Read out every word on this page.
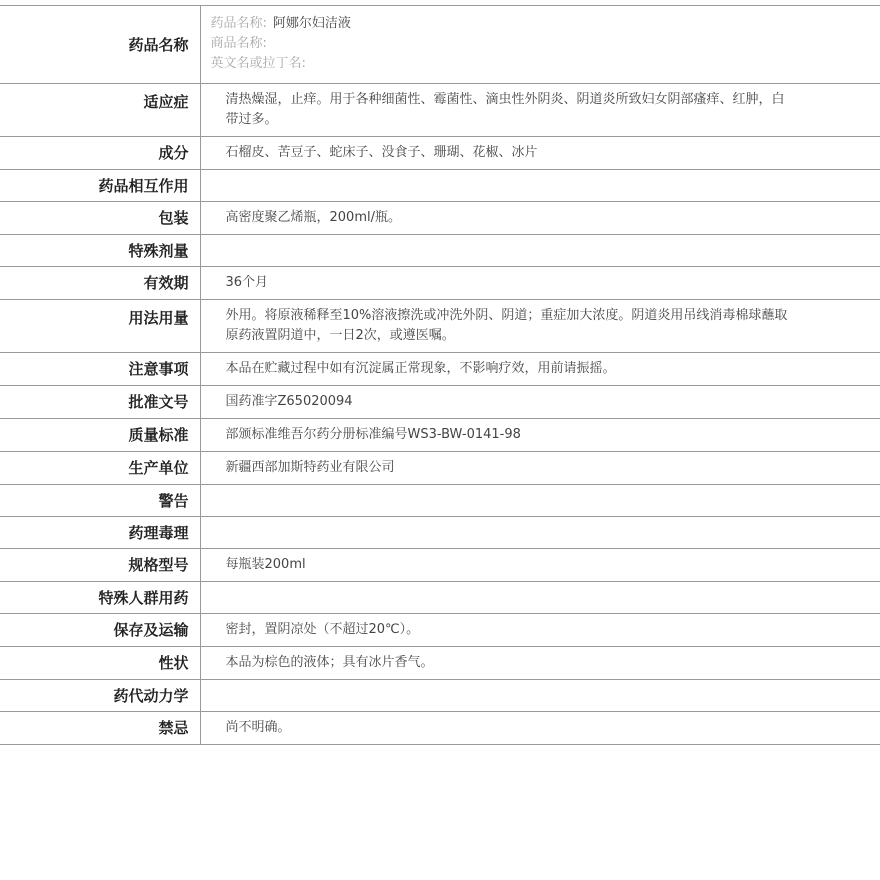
药品名称	药品名称: 阿娜尔妇洁液
商品名称:
英文名或拉丁名:

适应症	清热燥湿，止痒。用于各种细菌性、霉菌性、滴虫性外阴炎、阴道炎所致妇女阴部瘙痒、红肿，白带过多。
成分	石榴皮、苦豆子、蛇床子、没食子、珊瑚、花椒、冰片
药品相互作用	
包装	高密度聚乙烯瓶，200ml/瓶。
特殊剂量	
有效期	36个月
用法用量	外用。将原液稀释至10%溶液擦洗或冲洗外阴、阴道；重症加大浓度。阴道炎用吊线消毒棉球蘸取原药液置阴道中，一日2次，或遵医嘱。
注意事项	本品在贮藏过程中如有沉淀属正常现象，不影响疗效，用前请振摇。
批准文号	国药准字Z65020094
质量标准	部颁标准维吾尔药分册标准编号WS3-BW-0141-98
生产单位	新疆西部加斯特药业有限公司
警告	
药理毒理	
规格型号	每瓶装200ml
特殊人群用药	
保存及运输	密封，置阴凉处（不超过20℃）。
性状	本品为棕色的液体；具有冰片香气。
药代动力学	
禁忌	尚不明确。
